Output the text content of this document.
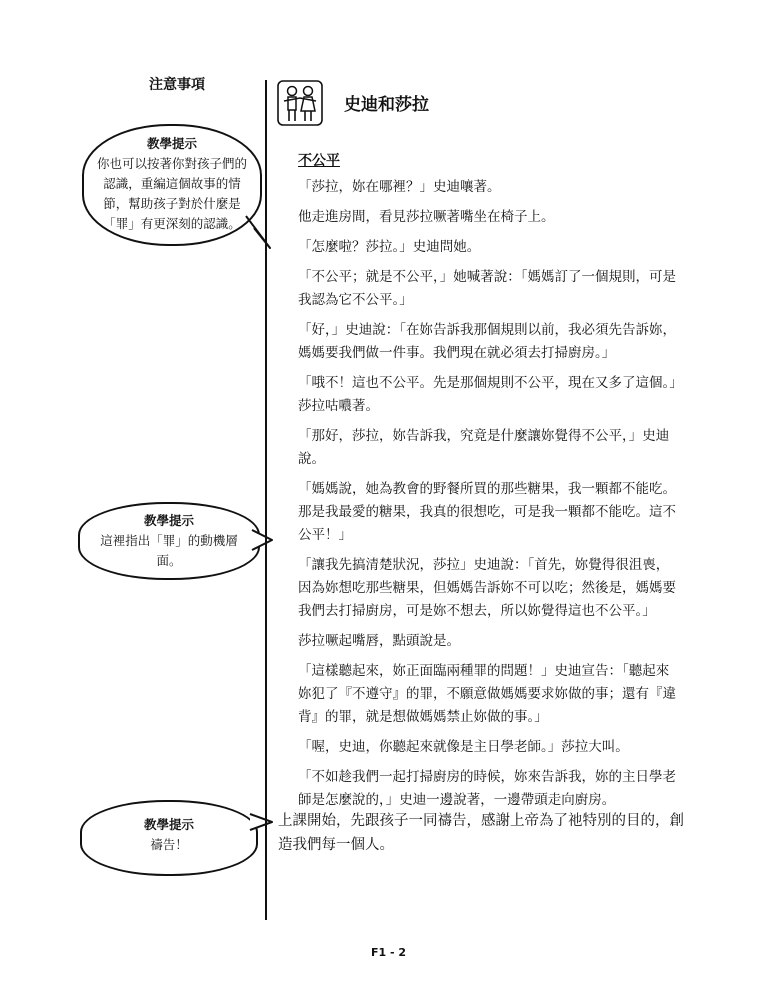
注意事項
教學提示
你也可以按著你對孩子們的認識，重編這個故事的情節，幫助孩子對於什麼是「罪」有更深刻的認識。
教學提示
這裡指出「罪」的動機層面。
教學提示
禱告！
史迪和莎拉
不公平

「莎拉，妳在哪裡？」史迪嚷著。

他走進房間，看見莎拉噘著嘴坐在椅子上。

「怎麼啦？莎拉。」史迪問她。

「不公平；就是不公平，」她喊著說：「媽媽訂了一個規則，可是我認為它不公平。」

「好，」史迪說：「在妳告訴我那個規則以前，我必須先告訴妳，媽媽要我們做一件事。我們現在就必須去打掃廚房。」

「哦不！這也不公平。先是那個規則不公平，現在又多了這個。」莎拉咕噥著。

「那好，莎拉，妳告訴我，究竟是什麼讓妳覺得不公平，」史迪說。

「媽媽說，她為教會的野餐所買的那些糖果，我一顆都不能吃。那是我最愛的糖果，我真的很想吃，可是我一顆都不能吃。這不公平！」

「讓我先搞清楚狀況，莎拉」史迪說：「首先，妳覺得很沮喪，因為妳想吃那些糖果，但媽媽告訴妳不可以吃；然後是，媽媽要我們去打掃廚房，可是妳不想去，所以妳覺得這也不公平。」

莎拉噘起嘴唇，點頭說是。

「這樣聽起來，妳正面臨兩種罪的問題！」史迪宣告：「聽起來妳犯了『不遵守』的罪，不願意做媽媽要求妳做的事；還有『違背』的罪，就是想做媽媽禁止妳做的事。」

「喔，史迪，你聽起來就像是主日學老師。」莎拉大叫。

「不如趁我們一起打掃廚房的時候，妳來告訴我，妳的主日學老師是怎麼說的，」史迪一邊說著，一邊帶頭走向廚房。

上課開始，先跟孩子一同禱告，感謝上帝為了祂特別的目的，創造我們每一個人。
F1 - 2
